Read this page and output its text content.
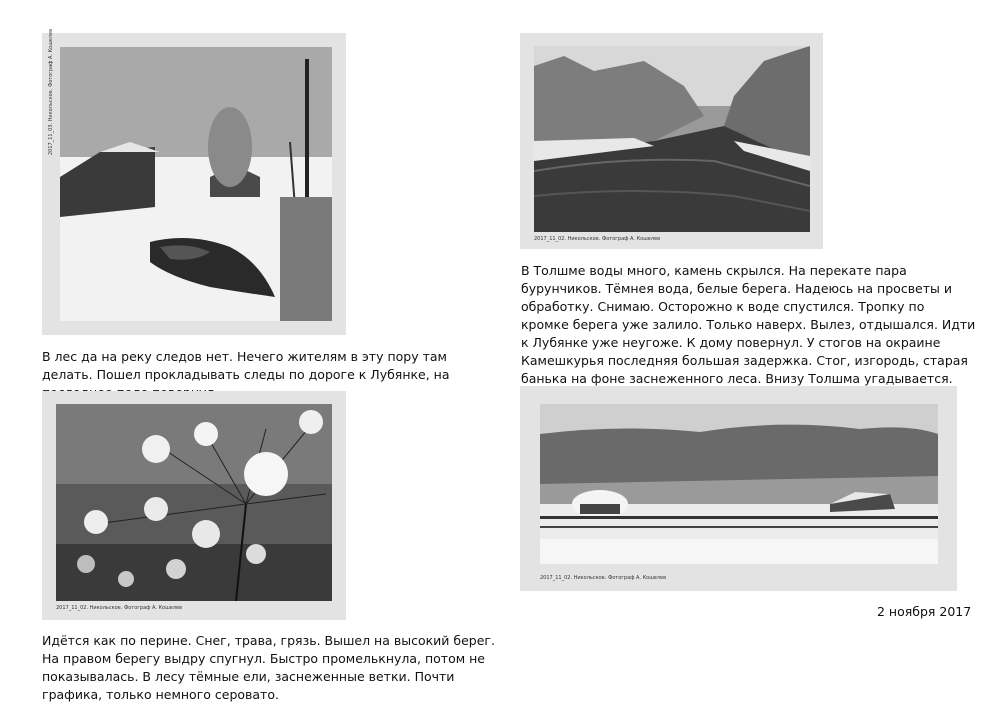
2017_11_03. Никольское. Фотограф А. Кошелев
2017_11_02. Никольское. Фотограф А. Кошелев
В Толшме воды много, камень скрылся. На перекате пара бурунчиков. Тёмнея вода, белые берега. Надеюсь на просветы и обработку. Снимаю. Осторожно к воде спустился. Тропку по кромке берега уже залило. Только наверх. Вылез, отдышался. Идти к Лубянке уже неугоже. К дому повернул. У стогов на окраине Камешкурья последняя большая задержка. Стог, изгородь, старая банька на фоне заснеженного леса. Внизу Толшма угадывается.
В лес да на реку следов нет. Нечего жителям в эту пору там делать. Пошел прокладывать следы по дороге к Лубянке, на
2017_11_02. Никольское. Фотограф А. Кошелев
2017_11_02. Никольское. Фотограф А. Кошелев
2 ноября 2017
Идётся как по перине. Снег, трава, грязь. Вышел на высокий берег. На правом берегу выдру спугнул. Быстро промелькнула, потом не показывалась. В лесу тёмные ели, заснеженные ветки. Почти графика, только немного серовато.
